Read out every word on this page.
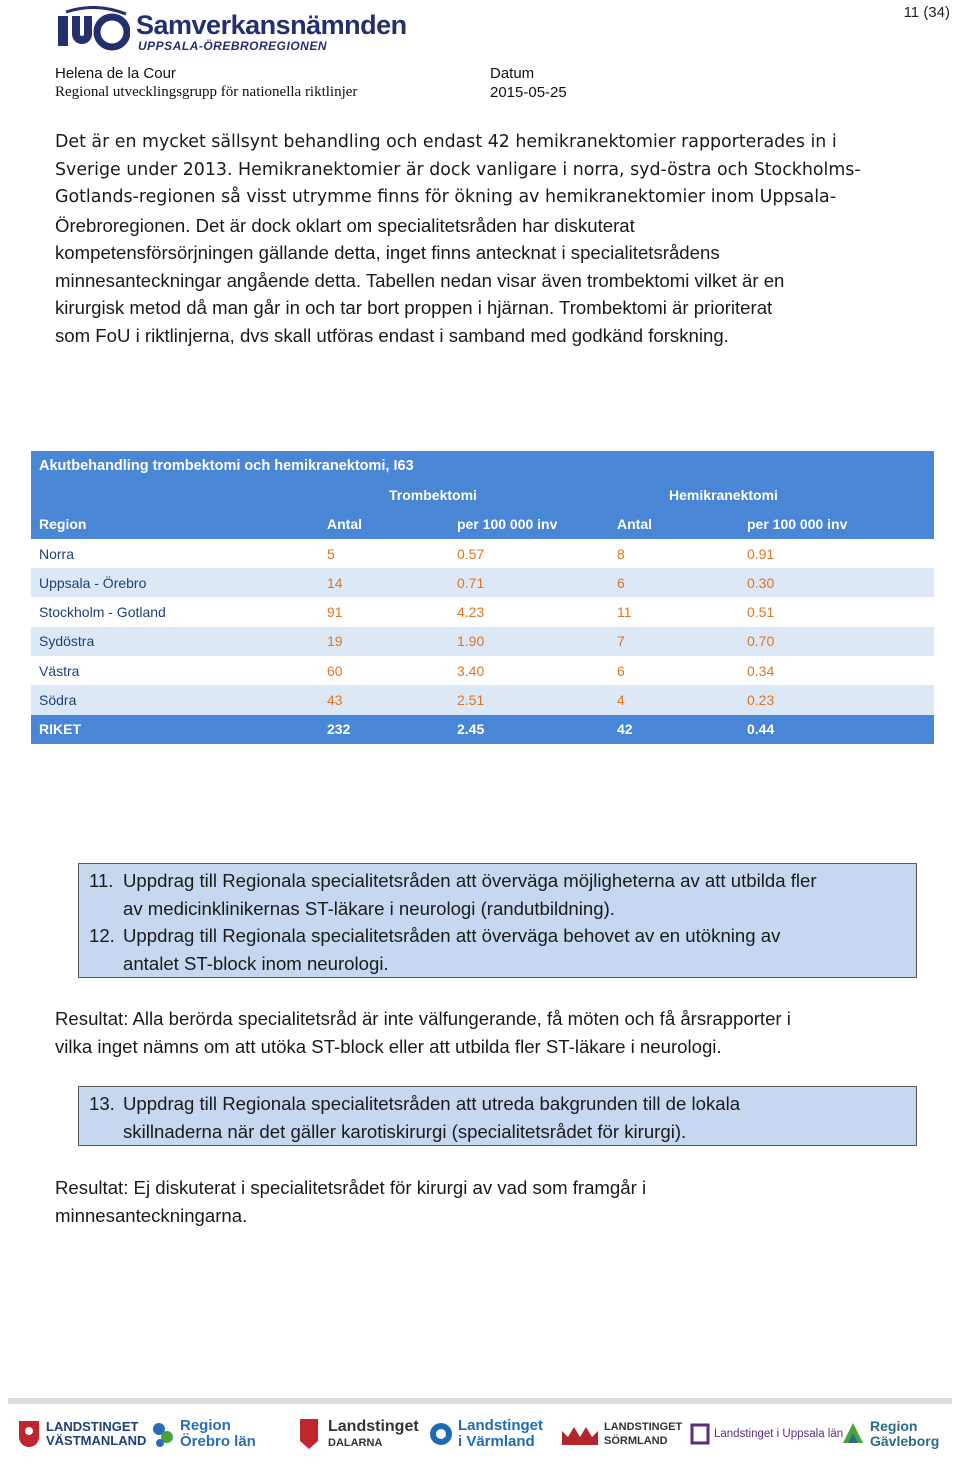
Samverkansnämnden
UPPSALA-ÖREBROREGIONEN
11 (34)
Helena de la Cour
Regional utvecklingsgrupp för nationella riktlinjer
Datum
2015-05-25
Det är en mycket sällsynt behandling och endast 42 hemikranektomier rapporterades in i
Sverige under 2013. Hemikranektomier är dock vanligare i norra, syd-östra och Stockholms-
Gotlands-regionen så visst utrymme finns för ökning av hemikranektomier inom Uppsala-
Örebroregionen. Det är dock oklart om specialitetsråden har diskuterat
kompetensförsörjningen gällande detta, inget finns antecknat i specialitetsrådens
minnesanteckningar angående detta. Tabellen nedan visar även trombektomi vilket är en
kirurgisk metod då man går in och tar bort proppen i hjärnan. Trombektomi är prioriterat
som FoU i riktlinjerna, dvs skall utföras endast i samband med godkänd forskning.
Akutbehandling trombektomi och hemikranektomi, I63				
	Trombektomi		Hemikranektomi	
Region	Antal	per 100 000 inv	Antal	per 100 000 inv
Norra	5	0.57	8	0.91
Uppsala - Örebro	14	0.71	6	0.30
Stockholm - Gotland	91	4.23	11	0.51
Sydöstra	19	1.90	7	0.70
Västra	60	3.40	6	0.34
Södra	43	2.51	4	0.23
RIKET	232	2.45	42	0.44
11. Uppdrag till Regionala specialitetsråden att överväga möjligheterna av att utbilda fler
av medicinklinikernas ST-läkare i neurologi (randutbildning).
12. Uppdrag till Regionala specialitetsråden att överväga behovet av en utökning av
antalet ST-block inom neurologi.
Resultat: Alla berörda specialitetsråd är inte välfungerande, få möten och få årsrapporter i
vilka inget nämns om att utöka ST-block eller att utbilda fler ST-läkare i neurologi.
13. Uppdrag till Regionala specialitetsråden att utreda bakgrunden till de lokala
skillnaderna när det gäller karotiskirurgi (specialitetsrådet för kirurgi).
Resultat: Ej diskuterat i specialitetsrådet för kirurgi av vad som framgår i
minnesanteckningarna.
LANDSTINGET
VÄSTMANLAND
Region
Örebro län
Landstinget
DALARNA
Landstinget
i Värmland
LANDSTINGET
SÖRMLAND
Landstinget i Uppsala län Region
Gävleborg
